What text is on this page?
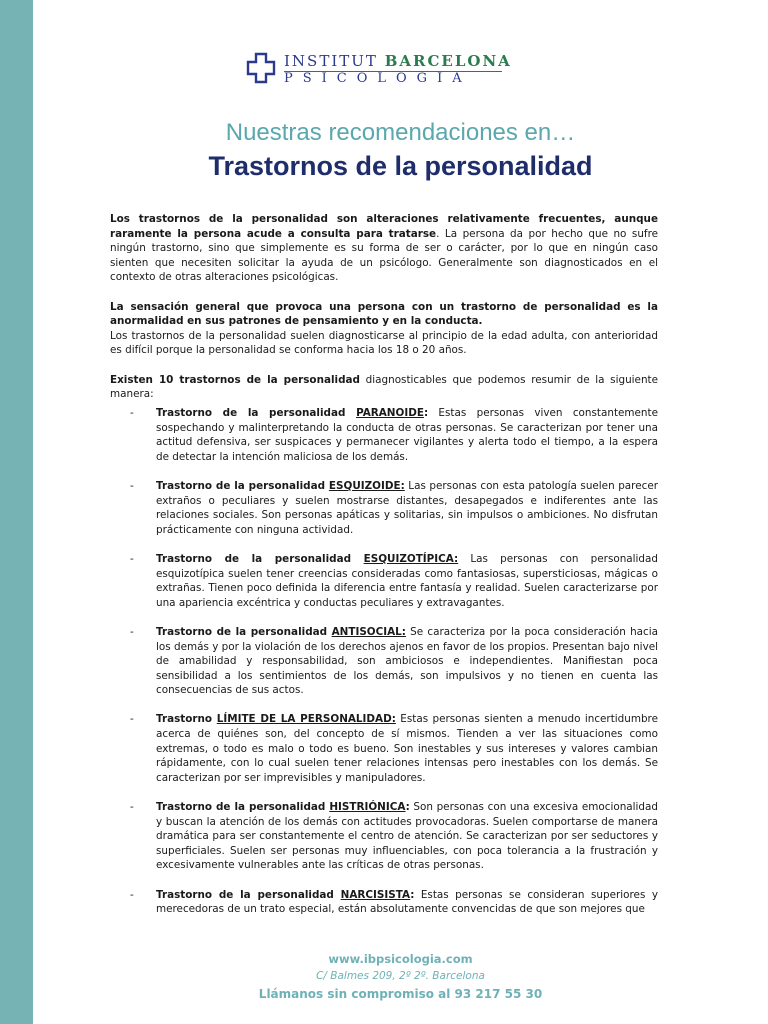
INSTITUT BARCELONA
PSICOLOGIA
Nuestras recomendaciones en…
Trastornos de la personalidad

Los trastornos de la personalidad son alteraciones relativamente frecuentes, aunque raramente la persona acude a consulta para tratarse. La persona da por hecho que no sufre ningún trastorno, sino que simplemente es su forma de ser o carácter, por lo que en ningún caso sienten que necesiten solicitar la ayuda de un psicólogo. Generalmente son diagnosticados en el contexto de otras alteraciones psicológicas.

La sensación general que provoca una persona con un trastorno de personalidad es la anormalidad en sus patrones de pensamiento y en la conducta.

Los trastornos de la personalidad suelen diagnosticarse al principio de la edad adulta, con anterioridad es difícil porque la personalidad se conforma hacia los 18 o 20 años.

Existen 10 trastornos de la personalidad diagnosticables que podemos resumir de la siguiente manera:

- Trastorno de la personalidad PARANOIDE: Estas personas viven constantemente sospechando y malinterpretando la conducta de otras personas. Se caracterizan por tener una actitud defensiva, ser suspicaces y permanecer vigilantes y alerta todo el tiempo, a la espera de detectar la intención maliciosa de los demás.
- Trastorno de la personalidad ESQUIZOIDE: Las personas con esta patología suelen parecer extraños o peculiares y suelen mostrarse distantes, desapegados e indiferentes ante las relaciones sociales. Son personas apáticas y solitarias, sin impulsos o ambiciones. No disfrutan prácticamente con ninguna actividad.
- Trastorno de la personalidad ESQUIZOTÍPICA: Las personas con personalidad esquizotípica suelen tener creencias consideradas como fantasiosas, supersticiosas, mágicas o extrañas. Tienen poco definida la diferencia entre fantasía y realidad. Suelen caracterizarse por una apariencia excéntrica y conductas peculiares y extravagantes.
- Trastorno de la personalidad ANTISOCIAL: Se caracteriza por la poca consideración hacia los demás y por la violación de los derechos ajenos en favor de los propios. Presentan bajo nivel de amabilidad y responsabilidad, son ambiciosos e independientes. Manifiestan poca sensibilidad a los sentimientos de los demás, son impulsivos y no tienen en cuenta las consecuencias de sus actos.
- Trastorno LÍMITE DE LA PERSONALIDAD: Estas personas sienten a menudo incertidumbre acerca de quiénes son, del concepto de sí mismos. Tienden a ver las situaciones como extremas, o todo es malo o todo es bueno. Son inestables y sus intereses y valores cambian rápidamente, con lo cual suelen tener relaciones intensas pero inestables con los demás. Se caracterizan por ser imprevisibles y manipuladores.
- Trastorno de la personalidad HISTRIÓNICA: Son personas con una excesiva emocionalidad y buscan la atención de los demás con actitudes provocadoras. Suelen comportarse de manera dramática para ser constantemente el centro de atención. Se caracterizan por ser seductores y superficiales. Suelen ser personas muy influenciables, con poca tolerancia a la frustración y excesivamente vulnerables ante las críticas de otras personas.
- Trastorno de la personalidad NARCISISTA: Estas personas se consideran superiores y merecedoras de un trato especial, están absolutamente convencidas de que son mejores que
www.ibpsicologia.com
C/ Balmes 209, 2º 2º. Barcelona
Llámanos sin compromiso al 93 217 55 30
